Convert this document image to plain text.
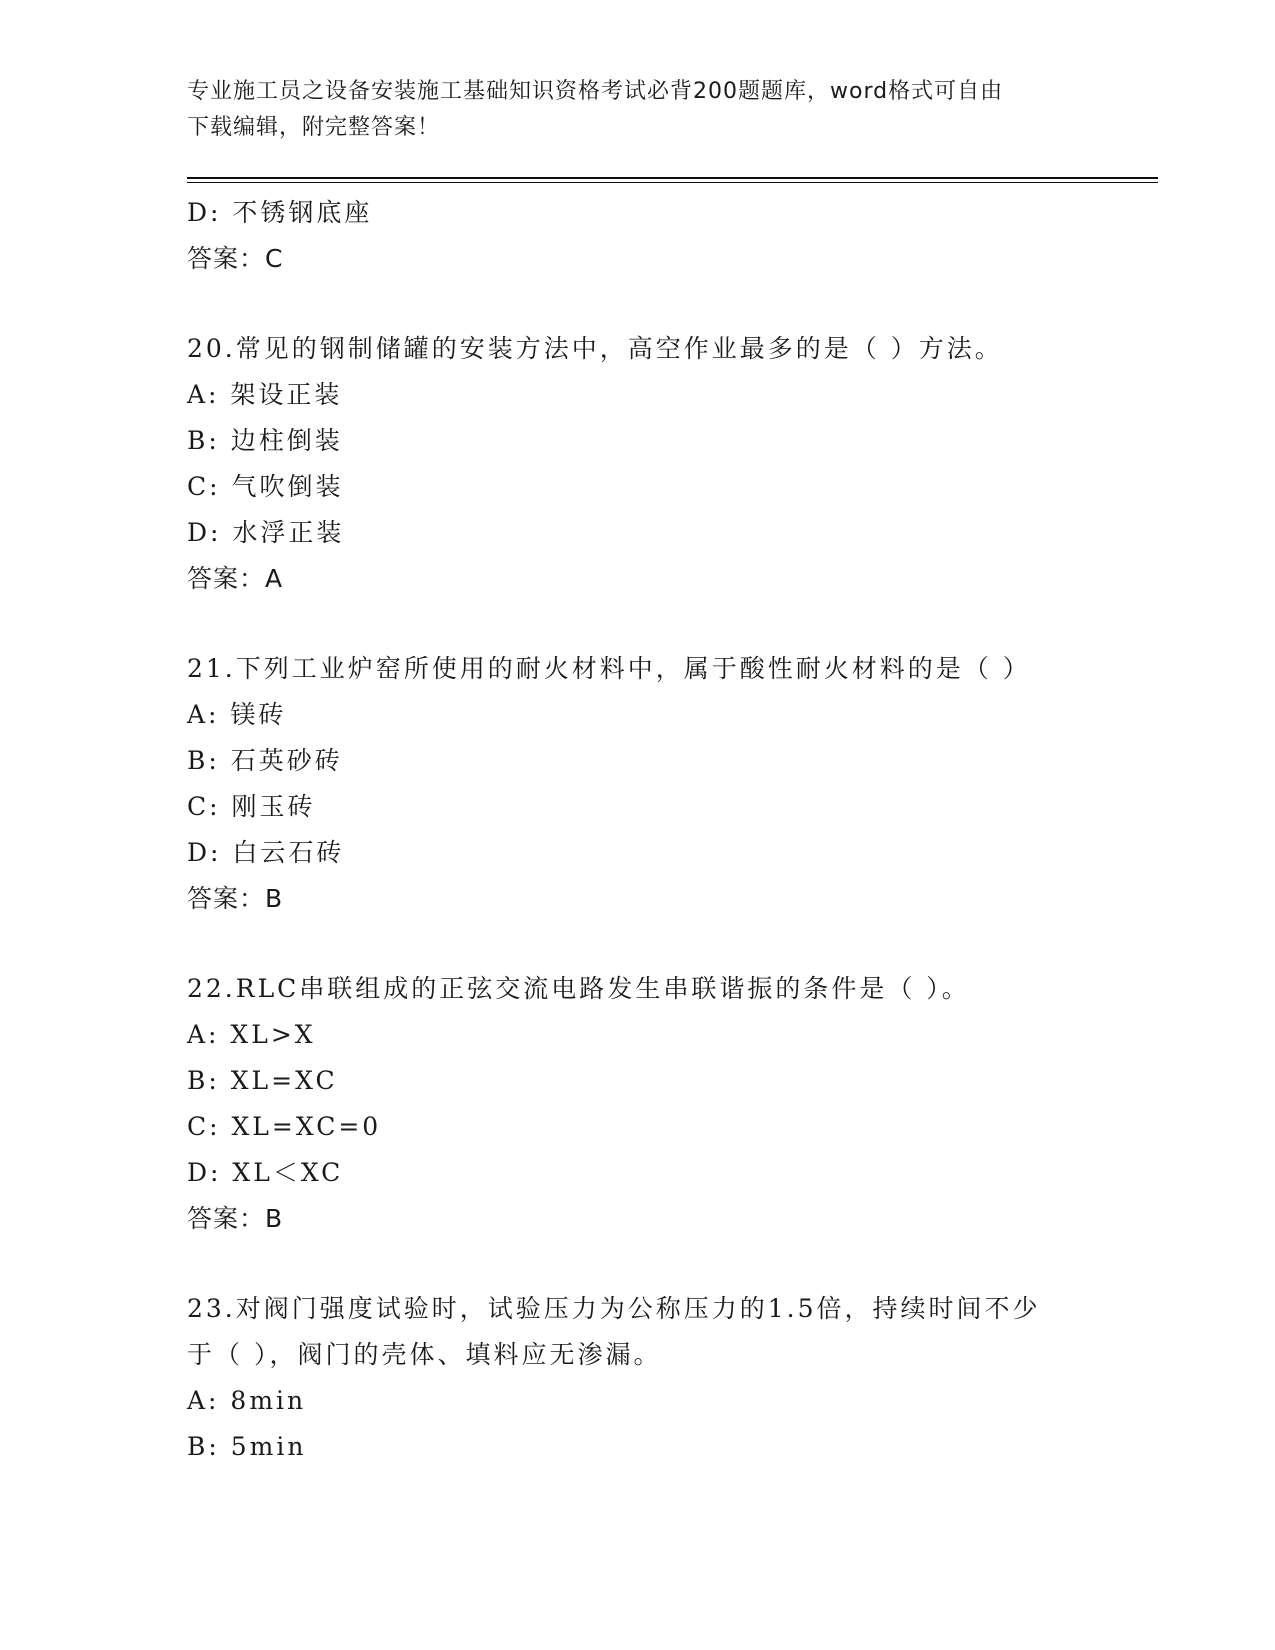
专业施工员之设备安装施工基础知识资格考试必背200题题库，word格式可自由
下载编辑，附完整答案！
D: 不锈钢底座
答案：C
20.常见的钢制储罐的安装方法中，高空作业最多的是（ ）方法。
A: 架设正装
B: 边柱倒装
C: 气吹倒装
D: 水浮正装
答案：A
21.下列工业炉窑所使用的耐火材料中，属于酸性耐火材料的是（ ）
A: 镁砖
B: 石英砂砖
C: 刚玉砖
D: 白云石砖
答案：B
22.RLC串联组成的正弦交流电路发生串联谐振的条件是（ ）。
A: XL>X
B: XL=XC
C: XL=XC=0
D: XL＜XC
答案：B
23.对阀门强度试验时，试验压力为公称压力的1.5倍，持续时间不少
于（ ），阀门的壳体、填料应无渗漏。
A: 8min
B: 5min
